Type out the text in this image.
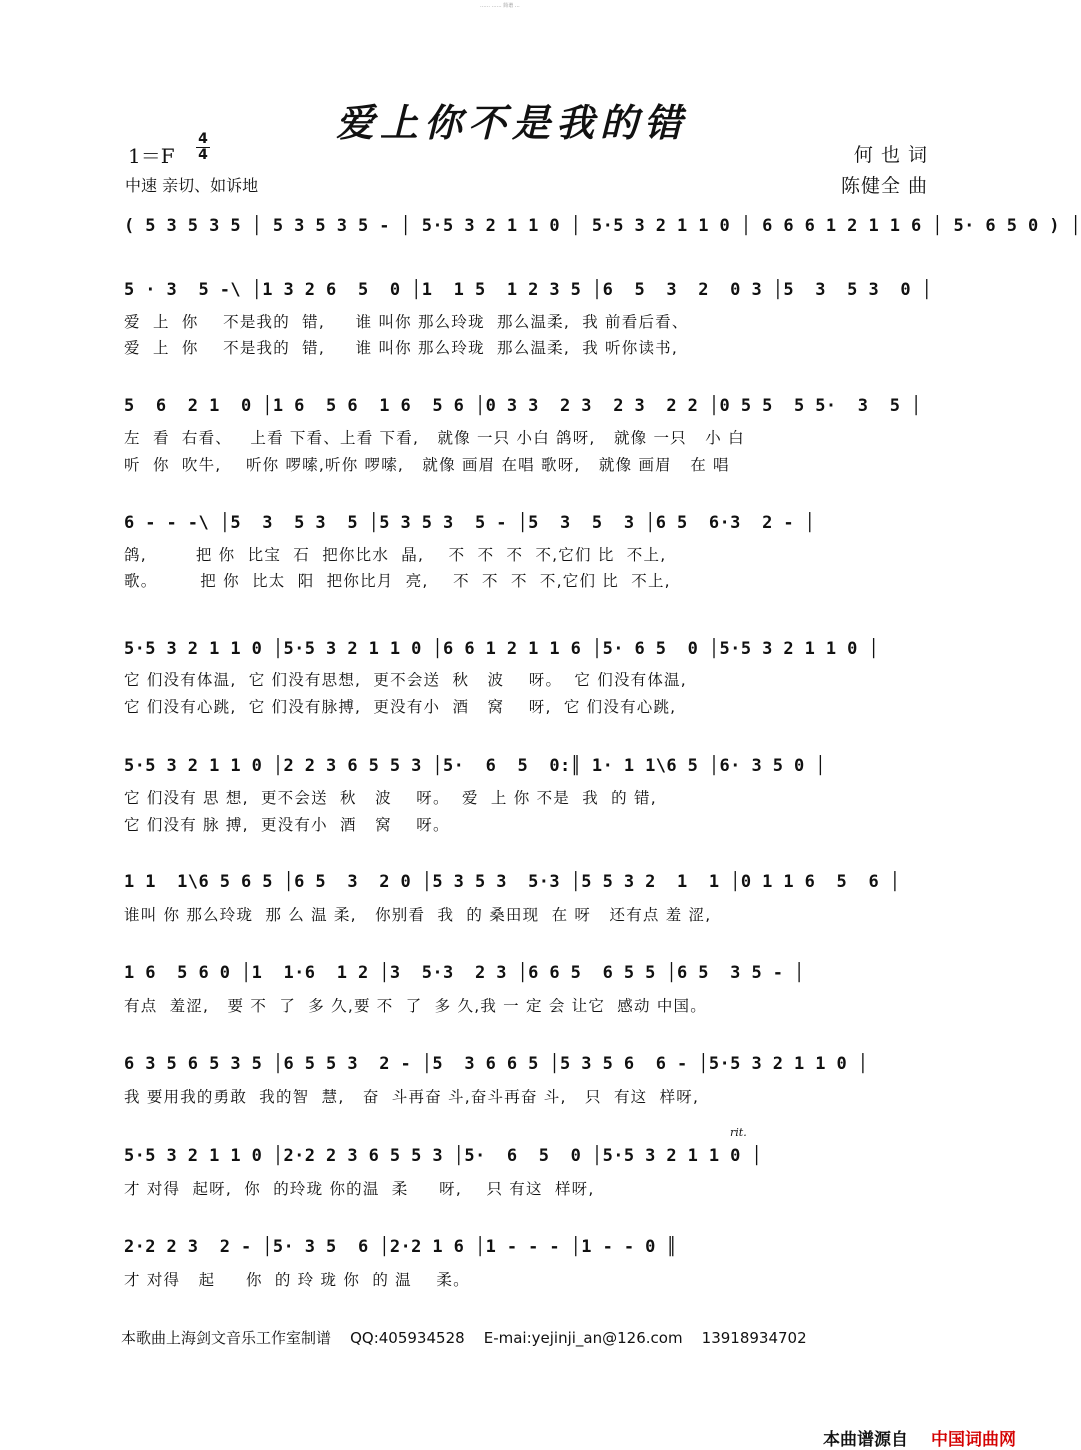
…… …… 简谱 …
爱上你不是我的错
$1=F \frac{4}{4}$
中速 亲切、如诉地
何 也 词
陈健全 曲
( 5 3 5 3 5 │ 5 3 5 3 5 - │ 5·5 3 2 1 1 0 │ 5·5 3 2 1 1 0 │ 6 6 6 1 2 1 1 6 │ 5· 6 5 0 ) │
5 · 3  5 -\ │1 3 2 6  5  0 │1  1 5  1 2 3 5 │6  5  3  2  0 3 │5  3  5 3  0 │
爱  上  你    不是我的  错,     谁 叫你 那么玲珑  那么温柔,  我 前看后看、
爱  上  你    不是我的  错,     谁 叫你 那么玲珑  那么温柔,  我 听你读书,
5  6  2 1  0 │1 6  5 6  1 6  5 6 │0 3 3  2 3  2 3  2 2 │0 5 5  5 5·  3  5 │
左  看  右看、   上看 下看、上看 下看,   就像 一只 小白 鸽呀,   就像 一只   小 白
听  你  吹牛,    听你 啰嗦,听你 啰嗦,   就像 画眉 在唱 歌呀,   就像 画眉   在 唱
6 - - -\ │5  3  5 3  5 │5 3 5 3  5 - │5  3  5  3 │6 5  6·3  2 - │
鸽,        把 你  比宝  石  把你比水  晶,    不  不  不  不,它们 比  不上,
歌。       把 你  比太  阳  把你比月  亮,    不  不  不  不,它们 比  不上,
5·5 3 2 1 1 0 │5·5 3 2 1 1 0 │6 6 1 2 1 1 6 │5· 6 5  0 │5·5 3 2 1 1 0 │
它 们没有体温,  它 们没有思想,  更不会送  秋   波    呀。  它 们没有体温,
它 们没有心跳,  它 们没有脉搏,  更没有小  酒   窝    呀,  它 们没有心跳,
5·5 3 2 1 1 0 │2 2 3 6 5 5 3 │5·  6  5  0:║ 1· 1 1\6 5 │6· 3 5 0 │
它 们没有 思 想,  更不会送  秋   波    呀。  爱  上 你 不是  我  的 错,
它 们没有 脉 搏,  更没有小  酒   窝    呀。
1 1  1\6 5 6 5 │6 5  3  2 0 │5 3 5 3  5·3 │5 5 3 2  1  1 │0 1 1 6  5  6 │
谁叫 你 那么玲珑  那 么 温 柔,   你别看  我  的 桑田现  在 呀   还有点 羞 涩,
1 6  5 6 0 │1  1·6  1 2 │3  5·3  2 3 │6 6 5  6 5 5 │6 5  3 5 - │
有点  羞涩,   要 不  了  多 久,要 不  了  多 久,我 一 定 会 让它  感动 中国。
6 3 5 6 5 3 5 │6 5 5 3  2 - │5  3 6 6 5 │5 3 5 6  6 - │5·5 3 2 1 1 0 │
我 要用我的勇敢  我的智  慧,   奋  斗再奋 斗,奋斗再奋 斗,   只  有这  样呀,
rit.
5·5 3 2 1 1 0 │2·2 2 3 6 5 5 3 │5·  6  5  0 │5·5 3 2 1 1 0 │
才 对得  起呀,  你  的玲珑 你的温  柔     呀,    只 有这  样呀,
2·2 2 3  2 - │5· 3 5  6 │2·2 1 6 │1 - - - │1 - - 0 ║
才 对得   起     你  的 玲 珑 你  的 温    柔。
本歌曲上海剑文音乐工作室制谱 QQ:405934528 E-mai:yejinji_an@126.com 13918934702
本曲谱源自 中国词曲网
